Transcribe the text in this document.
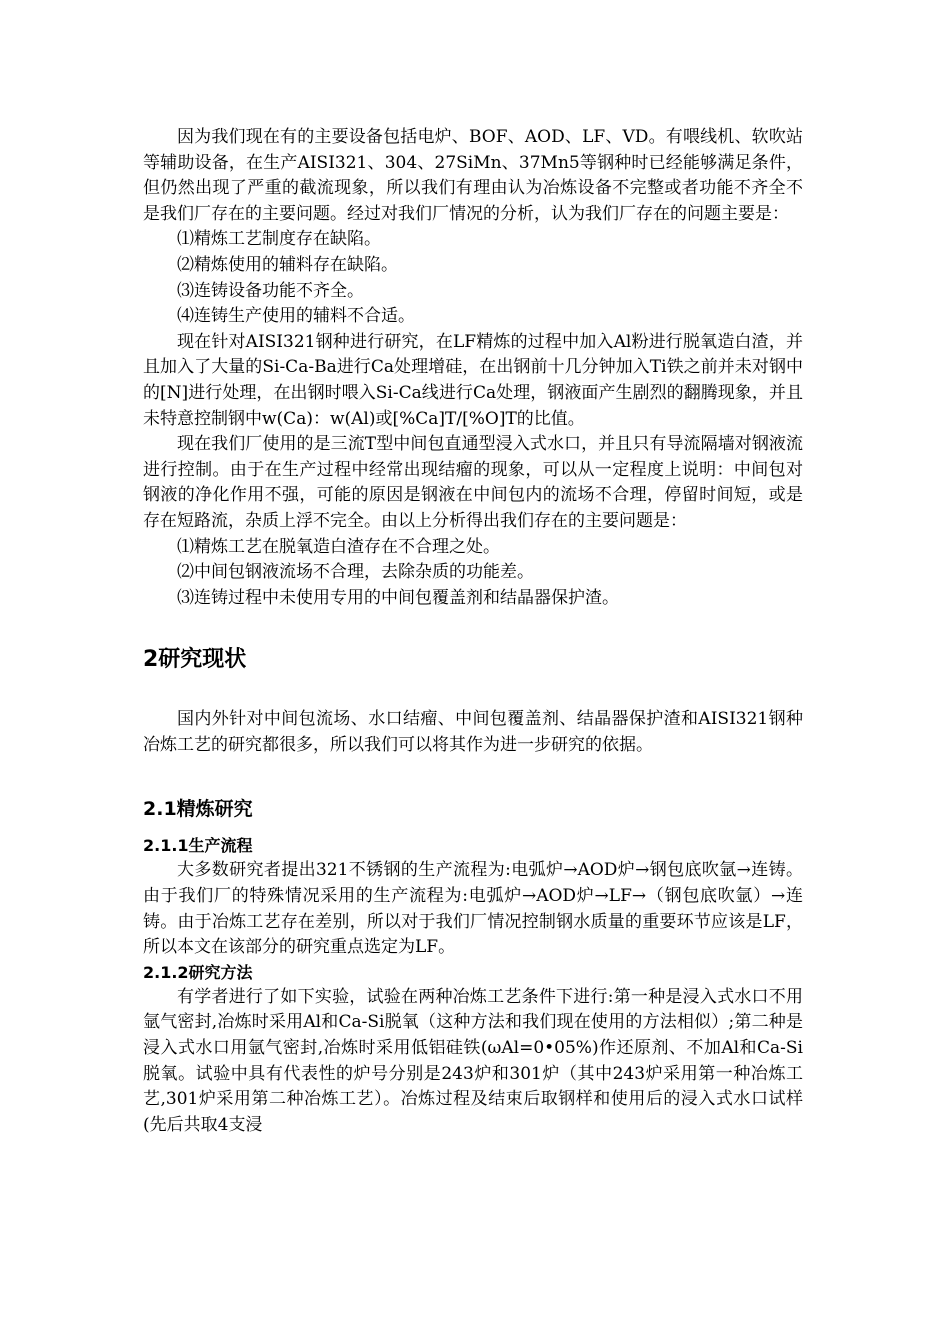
因为我们现在有的主要设备包括电炉、BOF、AOD、LF、VD。有喂线机、软吹站等辅助设备，在生产AISI321、304、27SiMn、37Mn5等钢种时已经能够满足条件，但仍然出现了严重的截流现象，所以我们有理由认为冶炼设备不完整或者功能不齐全不是我们厂存在的主要问题。经过对我们厂情况的分析，认为我们厂存在的问题主要是：

⑴精炼工艺制度存在缺陷。

⑵精炼使用的辅料存在缺陷。

⑶连铸设备功能不齐全。

⑷连铸生产使用的辅料不合适。

现在针对AISI321钢种进行研究，在LF精炼的过程中加入Al粉进行脱氧造白渣，并且加入了大量的Si-Ca-Ba进行Ca处理增硅，在出钢前十几分钟加入Ti铁之前并未对钢中的[N]进行处理，在出钢时喂入Si-Ca线进行Ca处理，钢液面产生剧烈的翻腾现象，并且未特意控制钢中w(Ca)：w(Al)或[%Ca]T/[%O]T的比值。

现在我们厂使用的是三流T型中间包直通型浸入式水口，并且只有导流隔墙对钢液流进行控制。由于在生产过程中经常出现结瘤的现象，可以从一定程度上说明：中间包对钢液的净化作用不强，可能的原因是钢液在中间包内的流场不合理，停留时间短，或是存在短路流，杂质上浮不完全。由以上分析得出我们存在的主要问题是：

⑴精炼工艺在脱氧造白渣存在不合理之处。

⑵中间包钢液流场不合理，去除杂质的功能差。

⑶连铸过程中未使用专用的中间包覆盖剂和结晶器保护渣。

2研究现状

国内外针对中间包流场、水口结瘤、中间包覆盖剂、结晶器保护渣和AISI321钢种冶炼工艺的研究都很多，所以我们可以将其作为进一步研究的依据。

2.1精炼研究
2.1.1生产流程

大多数研究者提出321不锈钢的生产流程为:电弧炉→AOD炉→钢包底吹氩→连铸。由于我们厂的特殊情况采用的生产流程为:电弧炉→AOD炉→LF→（钢包底吹氩）→连铸。由于冶炼工艺存在差别，所以对于我们厂情况控制钢水质量的重要环节应该是LF，所以本文在该部分的研究重点选定为LF。

2.1.2研究方法

有学者进行了如下实验，试验在两种冶炼工艺条件下进行:第一种是浸入式水口不用氩气密封,冶炼时采用Al和Ca-Si脱氧（这种方法和我们现在使用的方法相似）;第二种是浸入式水口用氩气密封,冶炼时采用低铝硅铁(ωAl=0•05%)作还原剂、不加Al和Ca-Si脱氧。试验中具有代表性的炉号分别是243炉和301炉（其中243炉采用第一种冶炼工艺,301炉采用第二种冶炼工艺）。冶炼过程及结束后取钢样和使用后的浸入式水口试样(先后共取4支浸
